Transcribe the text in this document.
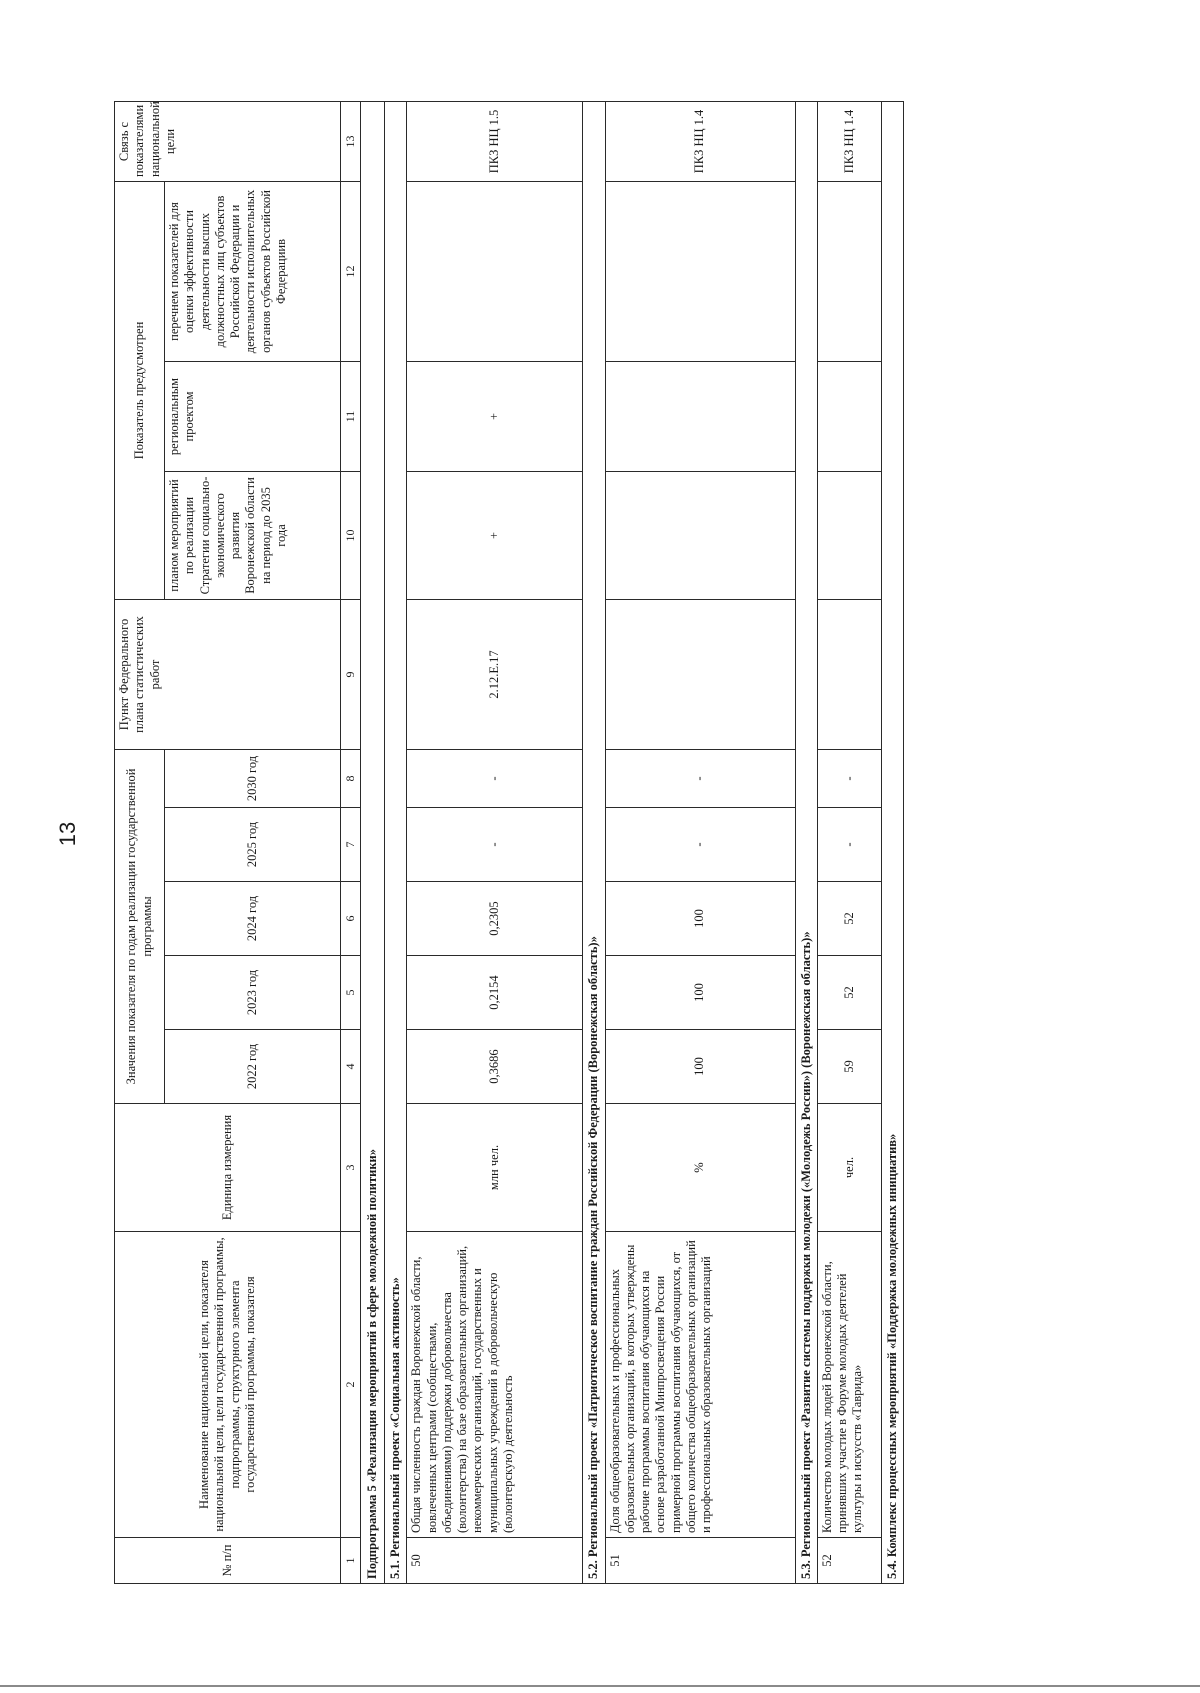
13
№ п/п	Наименование национальной цели, показателя национальной цели, цели государственной программы, подпрограммы, структурного элемента государственной программы, показателя	Единица измерения	Значения показателя по годам реализации государственной программы					Пункт Федерального плана статистических работ	Показатель предусмотрен			Связь с показателями национальной цели
			2022 год	2023 год	2024 год	2025 год	2030 год		планом мероприятий по реализации Стратегии социально-экономического развития Воронежской области на период до 2035 года	региональным проектом	перечнем показателей для оценки эффективности деятельности высших должностных лиц субъектов Российской Федерации и деятельности исполнительных органов субъектов Российской Федерациив	
1	2	3	4	5	6	7	8	9	10	11	12	13
Подпрограмма 5 «Реализация мероприятий в сфере молодежной политики»												
5.1. Региональный проект «Социальная активность»												
50	Общая численность граждан Воронежской области, вовлеченных центрами (сообществами, объединениями) поддержки добровольчества (волонтерства) на базе образовательных организаций, некоммерческих организаций, государственных и муниципальных учреждений в добровольческую (волонтерскую) деятельность	млн чел.	0,3686	0,2154	0,2305	-	-	2.12.Е.17	+	+		ПКЗ НЦ 1.5
5.2. Региональный проект «Патриотическое воспитание граждан Российской Федерации (Воронежская область)»												
51	Доля общеобразовательных и профессиональных образовательных организаций, в которых утверждены рабочие программы воспитания обучающихся на основе разработанной Минпросвещения России примерной программы воспитания обучающихся, от общего количества общеобразовательных организаций и профессиональных образовательных организаций	%	100	100	100	-	-					ПКЗ НЦ 1.4
5.3. Региональный проект «Развитие системы поддержки молодежи («Молодежь России») (Воронежская область)»												
52	Количество молодых людей Воронежской области, принявших участие в Форуме молодых деятелей культуры и искусств «Таврида»	чел.	59	52	52	-	-					ПКЗ НЦ 1.4
5.4. Комплекс процессных мероприятий «Поддержка молодежных инициатив»												
